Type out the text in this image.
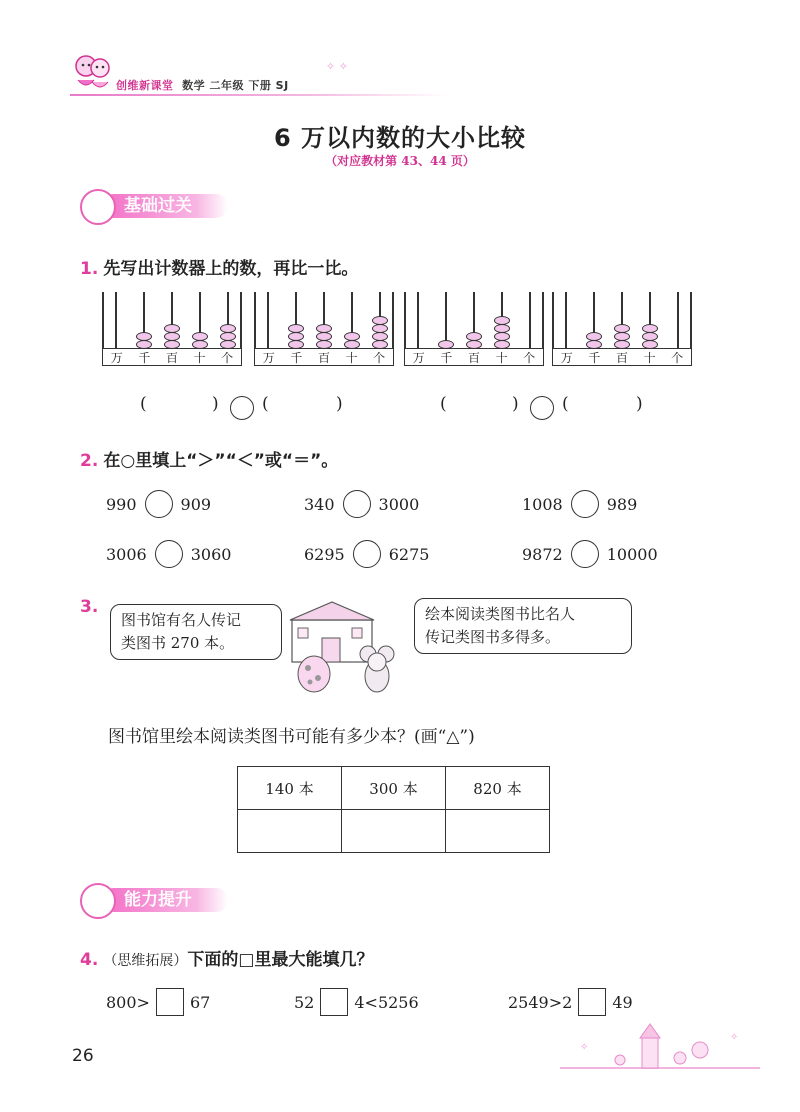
创维新课堂 数学 二年级 下册 SJ
✧ ✧
6 万以内数的大小比较
（对应教材第 43、44 页）
基础过关
1. 先写出计数器上的数，再比一比。
万 千 百 十 个 万 千 百 十 个 万 千 百 十 个 万 千 百 十 个
(	)	(	)	(	)	(	)
2. 在○里填上“＞”“＜”或“＝”。
990	909	340	3000	1008	989
3006	3060	6295	6275	9872	10000
3.
图书馆有名人传记
类图书 270 本。
绘本阅读类图书比名人
传记类图书多得多。
图书馆里绘本阅读类图书可能有多少本？(画“△”)
140 本	300 本	820 本

能力提升
4. （思维拓展）下面的□里最大能填几？
800>	67	52	4<5256	2549>2	49
26	✧
✧
